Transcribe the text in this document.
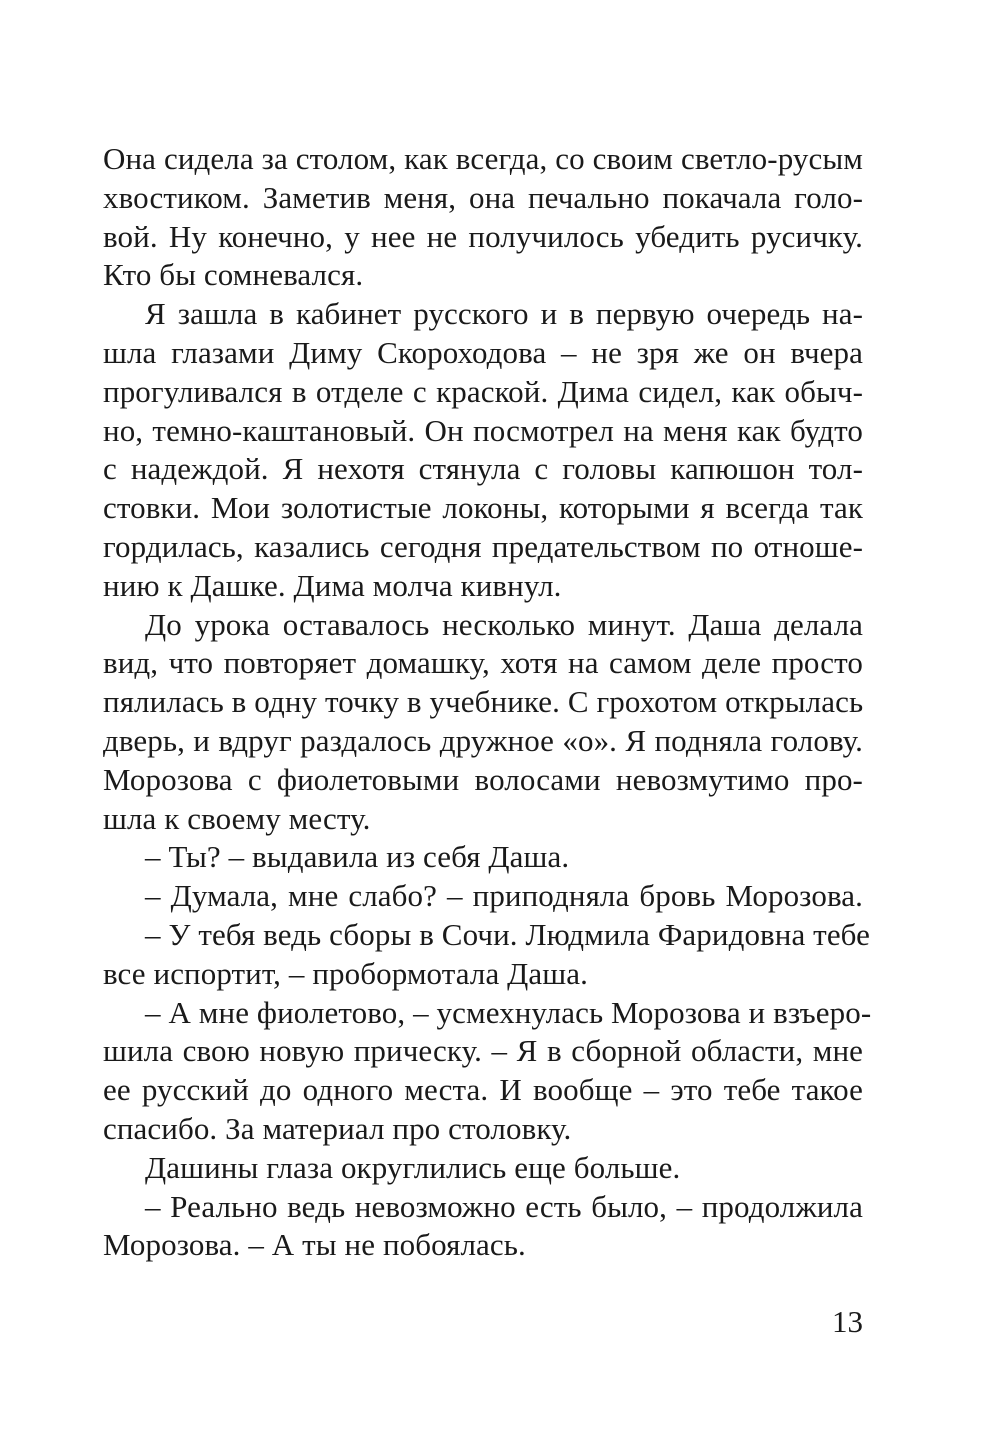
Она сидела за столом, как всегда, со своим светло-русым
хвостиком. Заметив меня, она печально покачала голо-
вой. Ну конечно, у нее не получилось убедить русичку.
Кто бы сомневался.
Я зашла в кабинет русского и в первую очередь на-
шла глазами Диму Скороходова – не зря же он вчера
прогуливался в отделе с краской. Дима сидел, как обыч-
но, темно-каштановый. Он посмотрел на меня как будто
с надеждой. Я нехотя стянула с головы капюшон тол-
стовки. Мои золотистые локоны, которыми я всегда так
гордилась, казались сегодня предательством по отноше-
нию к Дашке. Дима молча кивнул.
До урока оставалось несколько минут. Даша делала
вид, что повторяет домашку, хотя на самом деле просто
пялилась в одну точку в учебнике. С грохотом открылась
дверь, и вдруг раздалось дружное «о». Я подняла голову.
Морозова с фиолетовыми волосами невозмутимо про-
шла к своему месту.
– Ты? – выдавила из себя Даша.
– Думала, мне слабо? – приподняла бровь Морозова.
– У тебя ведь сборы в Сочи. Людмила Фаридовна тебе
все испортит, – пробормотала Даша.
– А мне фиолетово, – усмехнулась Морозова и взъеро-
шила свою новую прическу. – Я в сборной области, мне
ее русский до одного места. И вообще – это тебе такое
спасибо. За материал про столовку.
Дашины глаза округлились еще больше.
– Реально ведь невозможно есть было, – продолжила
Морозова. – А ты не побоялась.
13
